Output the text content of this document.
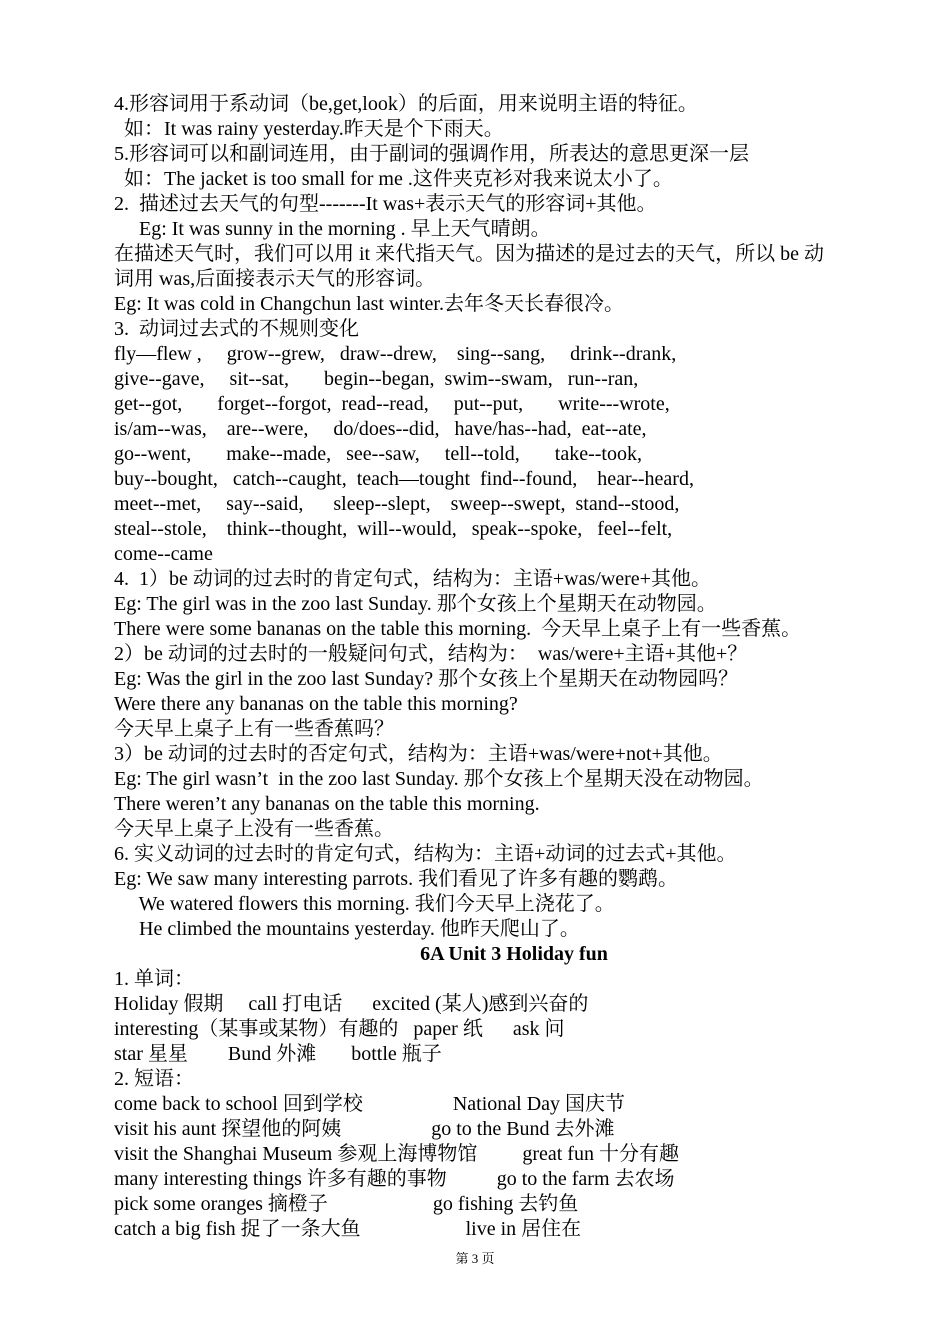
4.形容词用于系动词（be,get,look）的后面，用来说明主语的特征。
如：It was rainy yesterday.昨天是个下雨天。
5.形容词可以和副词连用，由于副词的强调作用，所表达的意思更深一层
如：The jacket is too small for me .这件夹克衫对我来说太小了。
2.  描述过去天气的句型-------It was+表示天气的形容词+其他。
Eg: It was sunny in the morning . 早上天气晴朗。
在描述天气时，我们可以用 it 来代指天气。因为描述的是过去的天气，所以 be 动
词用 was,后面接表示天气的形容词。
Eg: It was cold in Changchun last winter.去年冬天长春很冷。
3.  动词过去式的不规则变化
fly—flew ,     grow--grew,   draw--drew,    sing--sang,     drink--drank,
give--gave,     sit--sat,       begin--began,  swim--swam,   run--ran,
get--got,       forget--forgot,  read--read,     put--put,       write---wrote,
is/am--was,    are--were,     do/does--did,   have/has--had,  eat--ate,
go--went,       make--made,   see--saw,     tell--told,       take--took,
buy--bought,   catch--caught,  teach—tought  find--found,    hear--heard,
meet--met,     say--said,      sleep--slept,    sweep--swept,  stand--stood,
steal--stole,    think--thought,  will--would,   speak--spoke,   feel--felt,
come--came
4.  1）be 动词的过去时的肯定句式，结构为：主语+was/were+其他。
Eg: The girl was in the zoo last Sunday. 那个女孩上个星期天在动物园。
There were some bananas on the table this morning.  今天早上桌子上有一些香蕉。
2）be 动词的过去时的一般疑问句式，结构为：  was/were+主语+其他+？
Eg: Was the girl in the zoo last Sunday? 那个女孩上个星期天在动物园吗？
Were there any bananas on the table this morning?
今天早上桌子上有一些香蕉吗？
3）be 动词的过去时的否定句式，结构为：主语+was/were+not+其他。
Eg: The girl wasn’t  in the zoo last Sunday. 那个女孩上个星期天没在动物园。
There weren’t any bananas on the table this morning.
今天早上桌子上没有一些香蕉。
6. 实义动词的过去时的肯定句式，结构为：主语+动词的过去式+其他。
Eg: We saw many interesting parrots. 我们看见了许多有趣的鹦鹉。
We watered flowers this morning. 我们今天早上浇花了。
He climbed the mountains yesterday. 他昨天爬山了。
6A Unit 3 Holiday fun
1. 单词：
Holiday 假期     call 打电话      excited (某人)感到兴奋的
interesting（某事或某物）有趣的   paper 纸      ask 问
star 星星        Bund 外滩       bottle 瓶子
2. 短语：
come back to school 回到学校                  National Day 国庆节
visit his aunt 探望他的阿姨                  go to the Bund 去外滩
visit the Shanghai Museum 参观上海博物馆         great fun 十分有趣
many interesting things 许多有趣的事物          go to the farm 去农场
pick some oranges 摘橙子                     go fishing 去钓鱼
catch a big fish 捉了一条大鱼                     live in 居住在
第 3 页
